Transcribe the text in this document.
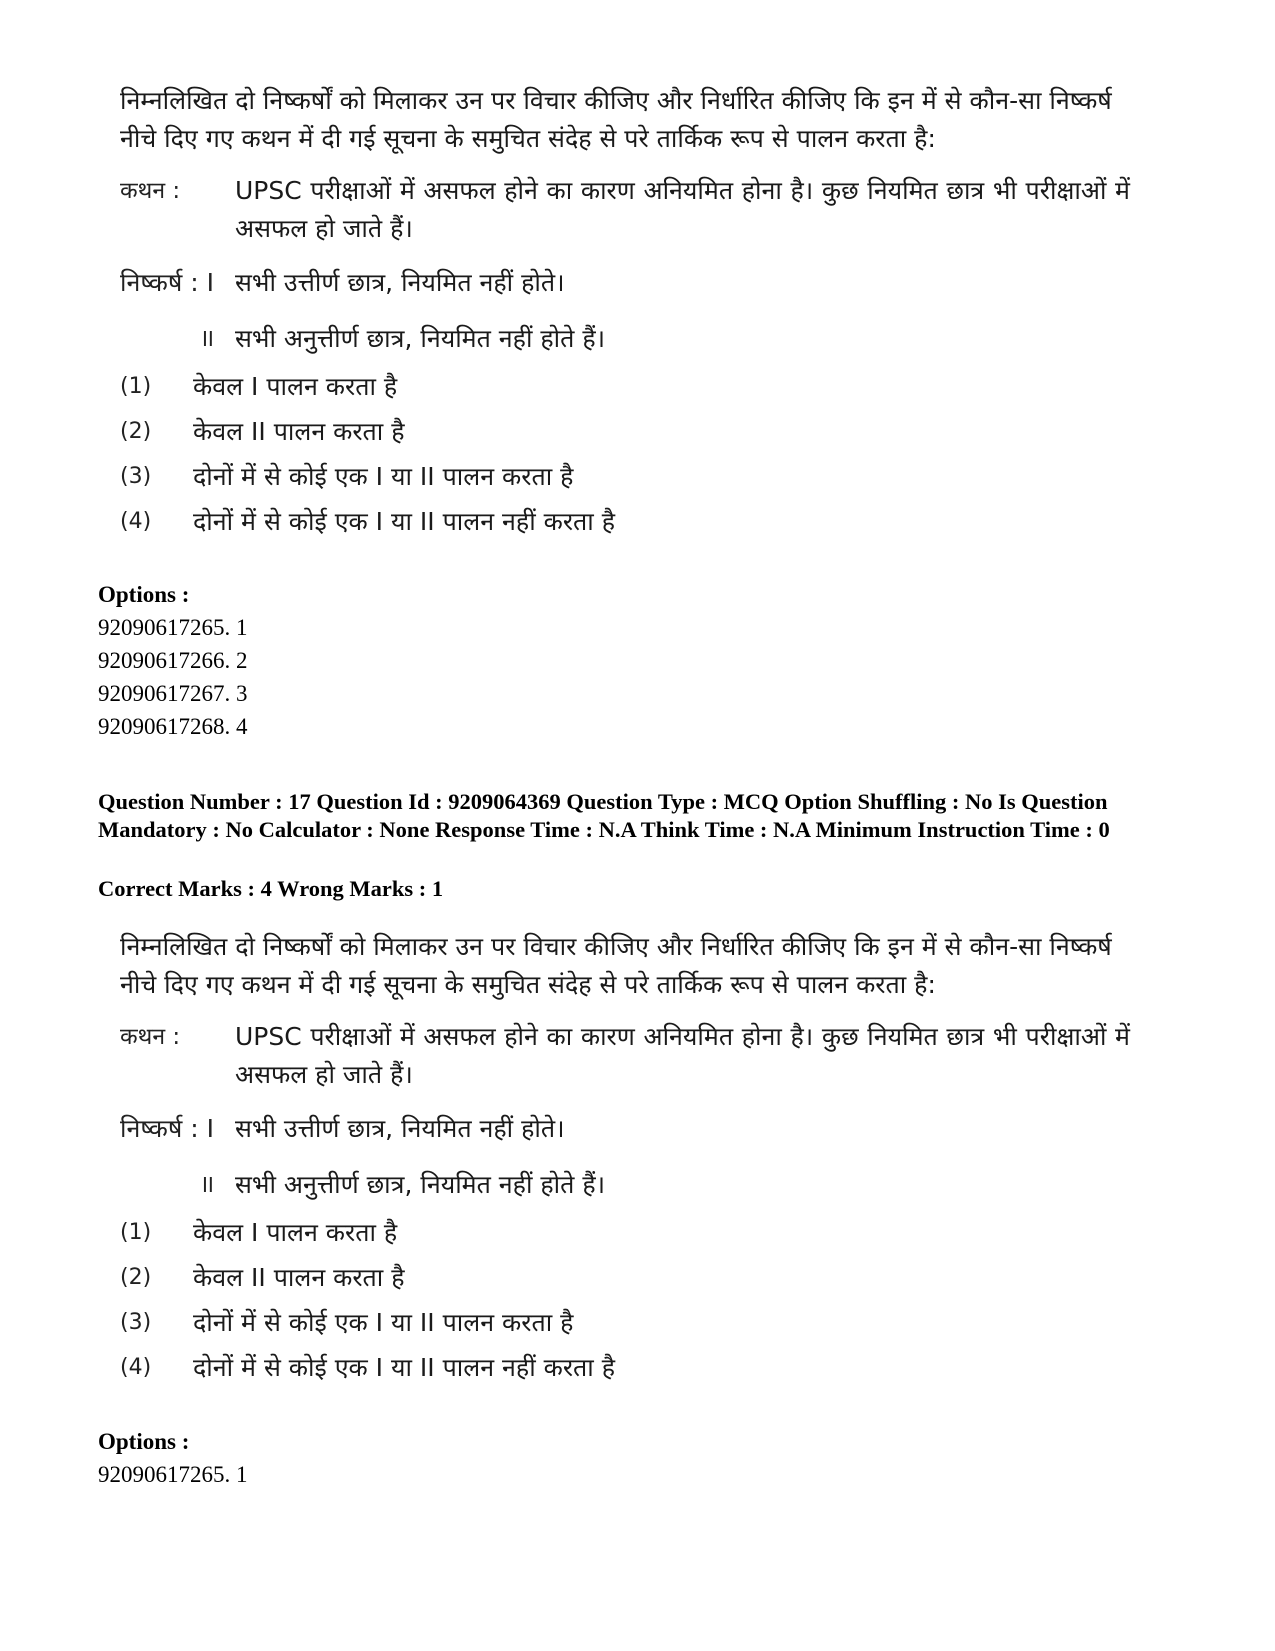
निम्नलिखित दो निष्कर्षों को मिलाकर उन पर विचार कीजिए और निर्धारित कीजिए कि इन में से कौन-सा निष्कर्ष नीचे दिए गए कथन में दी गई सूचना के समुचित संदेह से परे तार्किक रूप से पालन करता है:

कथन :	UPSC परीक्षाओं में असफल होने का कारण अनियमित होना है। कुछ नियमित छात्र भी परीक्षाओं में असफल हो जाते हैं।
निष्कर्ष : I सभी उत्तीर्ण छात्र, नियमित नहीं होते।
II सभी अनुत्तीर्ण छात्र, नियमित नहीं होते हैं।
(1)	केवल I पालन करता है
(2)	केवल II पालन करता है
(3)	दोनों में से कोई एक I या II पालन करता है
(4)	दोनों में से कोई एक I या II पालन नहीं करता है
Options :
92090617265. 1
92090617266. 2
92090617267. 3
92090617268. 4
Question Number : 17 Question Id : 9209064369 Question Type : MCQ Option Shuffling : No Is Question Mandatory : No Calculator : None Response Time : N.A Think Time : N.A Minimum Instruction Time : 0
Correct Marks : 4 Wrong Marks : 1

निम्नलिखित दो निष्कर्षों को मिलाकर उन पर विचार कीजिए और निर्धारित कीजिए कि इन में से कौन-सा निष्कर्ष नीचे दिए गए कथन में दी गई सूचना के समुचित संदेह से परे तार्किक रूप से पालन करता है:

कथन :	UPSC परीक्षाओं में असफल होने का कारण अनियमित होना है। कुछ नियमित छात्र भी परीक्षाओं में असफल हो जाते हैं।
निष्कर्ष : I सभी उत्तीर्ण छात्र, नियमित नहीं होते।
II सभी अनुत्तीर्ण छात्र, नियमित नहीं होते हैं।
(1)	केवल I पालन करता है
(2)	केवल II पालन करता है
(3)	दोनों में से कोई एक I या II पालन करता है
(4)	दोनों में से कोई एक I या II पालन नहीं करता है
Options :
92090617265. 1
